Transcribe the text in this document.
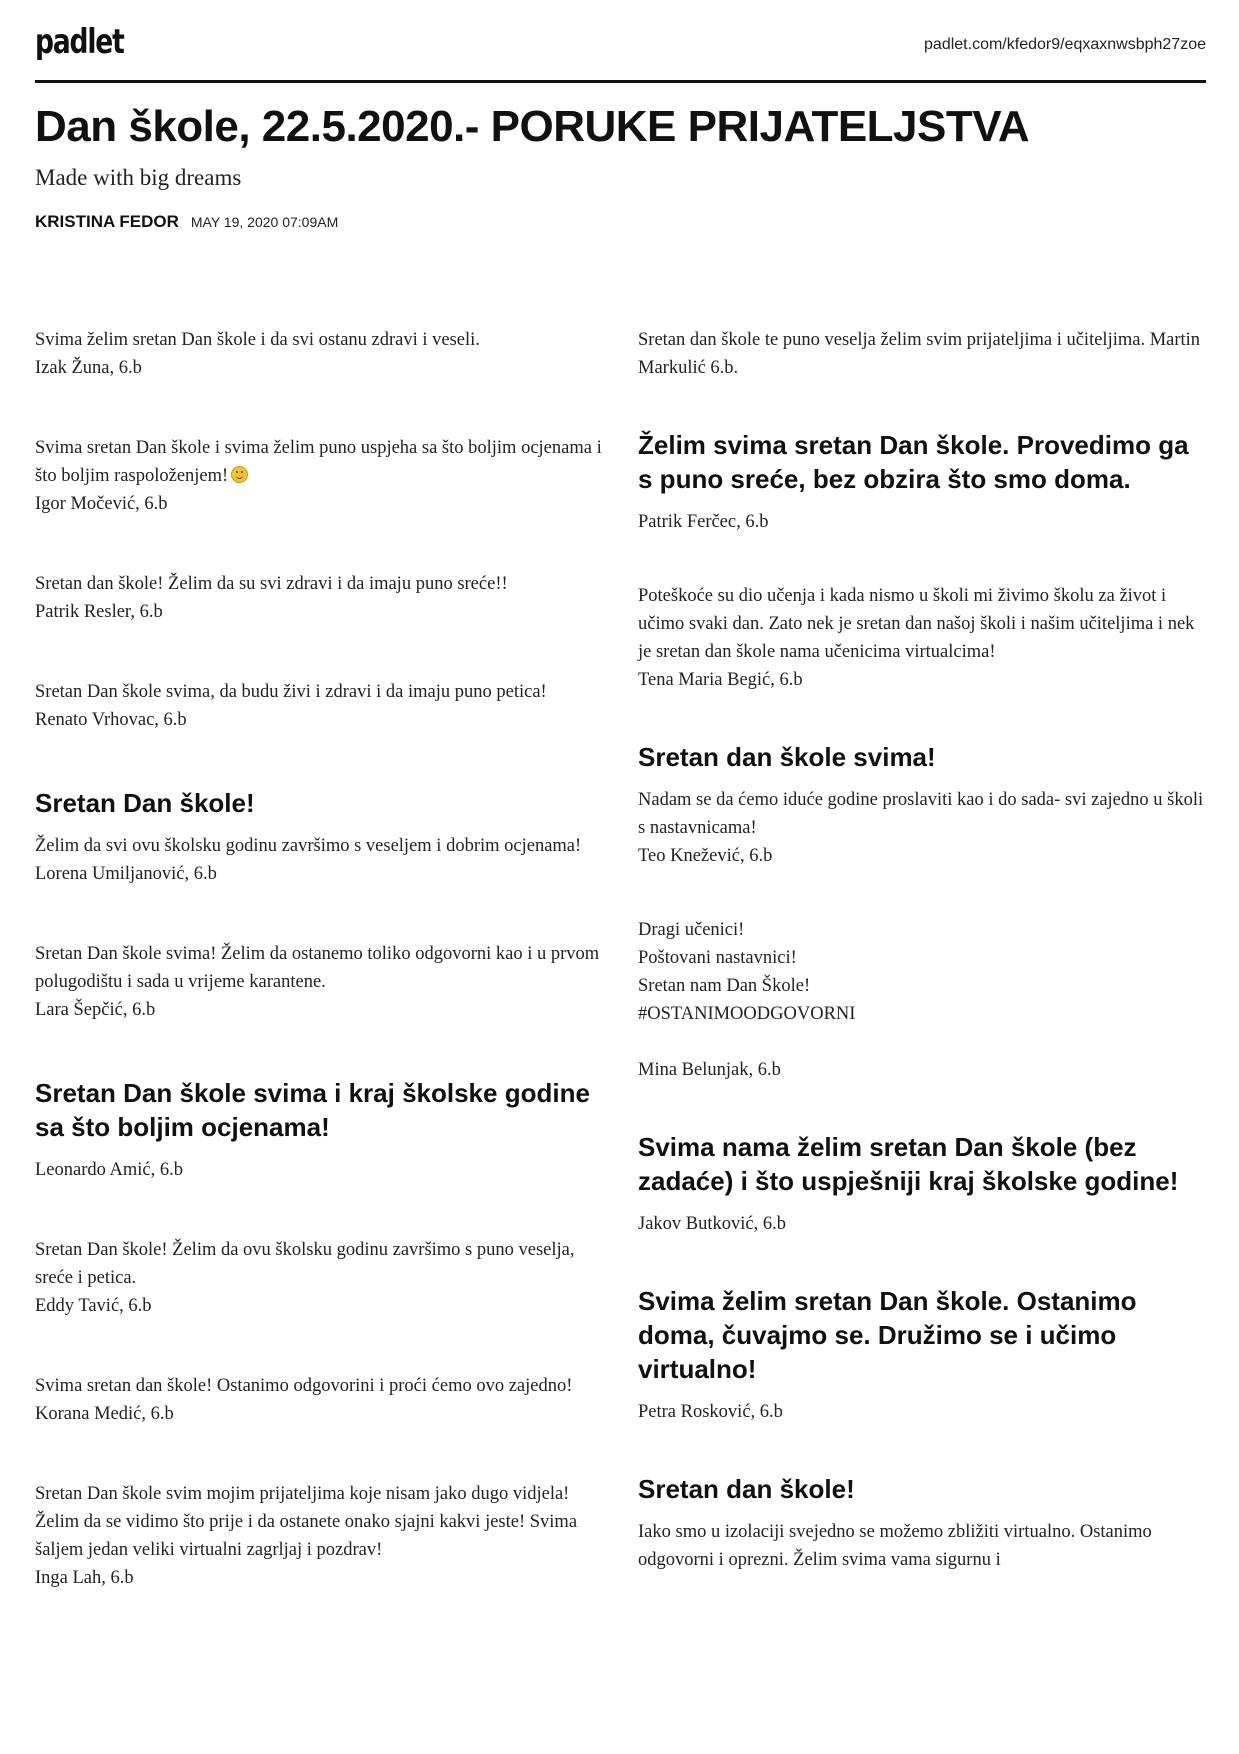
padlet	padlet.com/kfedor9/eqxaxnwsbph27zoe
Dan škole, 22.5.2020.- PORUKE PRIJATELJSTVA
Made with big dreams
KRISTINA FEDOR MAY 19, 2020 07:09AM
Svima želim sretan Dan škole i da svi ostanu zdravi i veseli.
Izak Žuna, 6.b
Svima sretan Dan škole i svima želim puno uspjeha sa što boljim ocjenama i što boljim raspoloženjem!
Igor Močević, 6.b
Sretan dan škole! Želim da su svi zdravi i da imaju puno sreće!!
Patrik Resler, 6.b
Sretan Dan škole svima, da budu živi i zdravi i da imaju puno petica!
Renato Vrhovac, 6.b
Sretan Dan škole!
Želim da svi ovu školsku godinu završimo s veseljem i dobrim ocjenama!
Lorena Umiljanović, 6.b
Sretan Dan škole svima! Želim da ostanemo toliko odgovorni kao i u prvom polugodištu i sada u vrijeme karantene.
Lara Šepčić, 6.b
Sretan Dan škole svima i kraj školske godine sa što boljim ocjenama!
Leonardo Amić, 6.b
Sretan Dan škole! Želim da ovu školsku godinu završimo s puno veselja, sreće i petica.
Eddy Tavić, 6.b
Svima sretan dan škole! Ostanimo odgovorini i proći ćemo ovo zajedno!
Korana Medić, 6.b
Sretan Dan škole svim mojim prijateljima koje nisam jako dugo vidjela! Želim da se vidimo što prije i da ostanete onako sjajni kakvi jeste! Svima šaljem jedan veliki virtualni zagrljaj i pozdrav!
Inga Lah, 6.b
Sretan dan škole te puno veselja želim svim prijateljima i učiteljima. Martin Markulić 6.b.
Želim svima sretan Dan škole. Provedimo ga s puno sreće, bez obzira što smo doma.
Patrik Ferčec, 6.b
Poteškoće su dio učenja i kada nismo u školi mi živimo školu za život i učimo svaki dan. Zato nek je sretan dan našoj školi i našim učiteljima i nek je sretan dan škole nama učenicima virtualcima!
Tena Maria Begić, 6.b
Sretan dan škole svima!
Nadam se da ćemo iduće godine proslaviti kao i do sada- svi zajedno u školi s nastavnicama!
Teo Knežević, 6.b
Dragi učenici!
Poštovani nastavnici!
Sretan nam Dan Škole!
#OSTANIMOODGOVORNI

Mina Belunjak, 6.b
Svima nama želim sretan Dan škole (bez zadaće) i što uspješniji kraj školske godine!
Jakov Butković, 6.b
Svima želim sretan Dan škole. Ostanimo doma, čuvajmo se. Družimo se i učimo virtualno!
Petra Rosković, 6.b
Sretan dan škole!
Iako smo u izolaciji svejedno se možemo zbližiti virtualno. Ostanimo odgovorni i oprezni. Želim svima vama sigurnu i
